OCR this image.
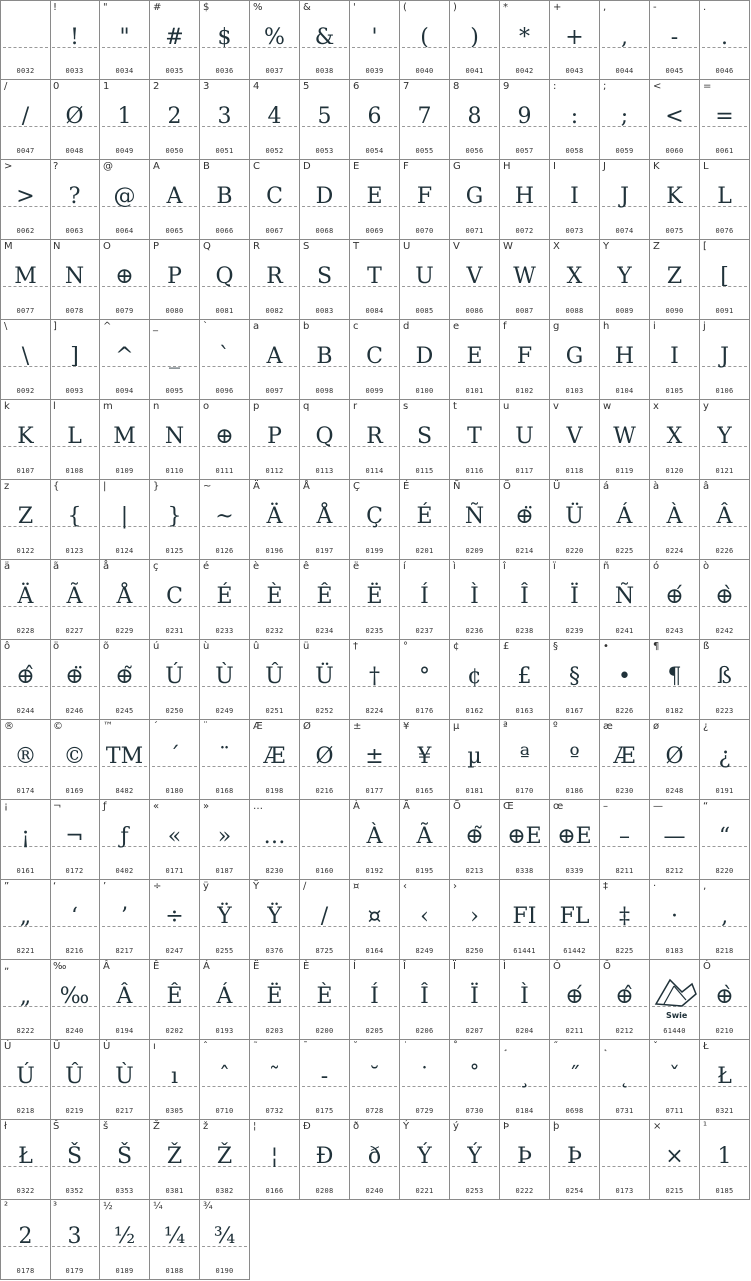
0032
!
!
0033
"
"
0034
#
#
0035
$
$
0036
%
%
0037
&
&
0038
'
'
0039
(
(
0040
)
)
0041
*
*
0042
+
+
0043
,
,
0044
-
-
0045
.
.
0046
/
/
0047
0
Ø
0048
1
1
0049
2
2
0050
3
3
0051
4
4
0052
5
5
0053
6
6
0054
7
7
0055
8
8
0056
9
9
0057
:
:
0058
;
;
0059
<
<
0060
=
=
0061
>
>
0062
?
?
0063
@
@
0064
A
A
0065
B
B
0066
C
C
0067
D
D
0068
E
E
0069
F
F
0070
G
G
0071
H
H
0072
I
I
0073
J
J
0074
K
K
0075
L
L
0076
M
M
0077
N
N
0078
O
⊕
0079
P
P
0080
Q
Q
0081
R
R
0082
S
S
0083
T
T
0084
U
U
0085
V
V
0086
W
W
0087
X
X
0088
Y
Y
0089
Z
Z
0090
[
[
0091
\
\
0092
]
]
0093
^
^
0094
_
_
0095
`
`
0096
a
A
0097
b
B
0098
c
C
0099
d
D
0100
e
E
0101
f
F
0102
g
G
0103
h
H
0104
i
I
0105
j
J
0106
k
K
0107
l
L
0108
m
M
0109
n
N
0110
o
⊕
0111
p
P
0112
q
Q
0113
r
R
0114
s
S
0115
t
T
0116
u
U
0117
v
V
0118
w
W
0119
x
X
0120
y
Y
0121
z
Z
0122
{
{
0123
|
|
0124
}
}
0125
~
~
0126
Ä
Ä
0196
Å
Å
0197
Ç
Ç
0199
É
É
0201
Ñ
Ñ
0209
Ö
⊕̈
0214
Ü
Ü
0220
á
Á
0225
à
À
0224
â
Â
0226
ä
Ä
0228
ã
Ã
0227
å
Å
0229
ç
C
0231
é
É
0233
è
È
0232
ê
Ê
0234
ë
Ë
0235
í
Í
0237
ì
Ì
0236
î
Î
0238
ï
Ï
0239
ñ
Ñ
0241
ó
⊕́
0243
ò
⊕̀
0242
ô
⊕̂
0244
ö
⊕̈
0246
õ
⊕̃
0245
ú
Ú
0250
ù
Ù
0249
û
Û
0251
ü
Ü
0252
†
†
8224
°
°
0176
¢
¢
0162
£
£
0163
§
§
0167
•
•
8226
¶
¶
0182
ß
ß
0223
®
®
0174
©
©
0169
™
TM
8482
´
´
0180
¨
¨
0168
Æ
Æ
0198
Ø
Ø
0216
±
±
0177
¥
¥
0165
µ
µ
0181
ª
ª
0170
º
º
0186
æ
Æ
0230
ø
Ø
0248
¿
¿
0191
¡
¡
0161
¬
¬
0172
ƒ
ƒ
0402
«
«
0171
»
»
0187
…
…
8230	0160
À
À
0192
Ã
Ã
0195
Õ
⊕̃
0213
Œ
⊕E
0338
œ
⊕E
0339
–
–
8211
—
—
8212
“
“
8220
”
„
8221
‘
‘
8216
’
’
8217
÷
÷
0247
ÿ
Ÿ
0255
Ÿ
Ÿ
0376
∕
/
8725
¤
¤
0164
‹
‹
8249
›
›
8250
FI
61441
FL
61442
‡
‡
8225
·
·
0183
‚
‚
8218
„
„
8222
‰
‰
8240
Â
Â
0194
Ê
Ê
0202
Á
Á
0193
Ë
Ë
0203
È
È
0200
Í
Í
0205
Î
Î
0206
Ï
Ï
0207
Ì
Ì
0204
Ó
⊕́
0211
Ô
⊕̂
0212
Swie
61440
Ò
⊕̀
0210
Ú
Ú
0218
Û
Û
0219
Ù
Ù
0217
ı
ı
0305
ˆ
ˆ
0710
˜
˜
0732
¯
-
0175
˘
˘
0728
˙
˙
0729
˚
˚
0730
¸
¸
0184
˝
˝
0698
˛
˛
0731
ˇ
ˇ
0711
Ł
Ł
0321
ł
Ł
0322
Š
Š
0352
š
Š
0353
Ž
Ž
0381
ž
Ž
0382
¦
¦
0166
Ð
Đ
0208
ð
ð
0240
Ý
Ý
0221
ý
Ý
0253
Þ
Þ
0222
þ
Þ
0254	0173
×
×
0215
¹
1
0185
²
2
0178
³
3
0179
½
½
0189
¼
¼
0188
¾
¾
0190
